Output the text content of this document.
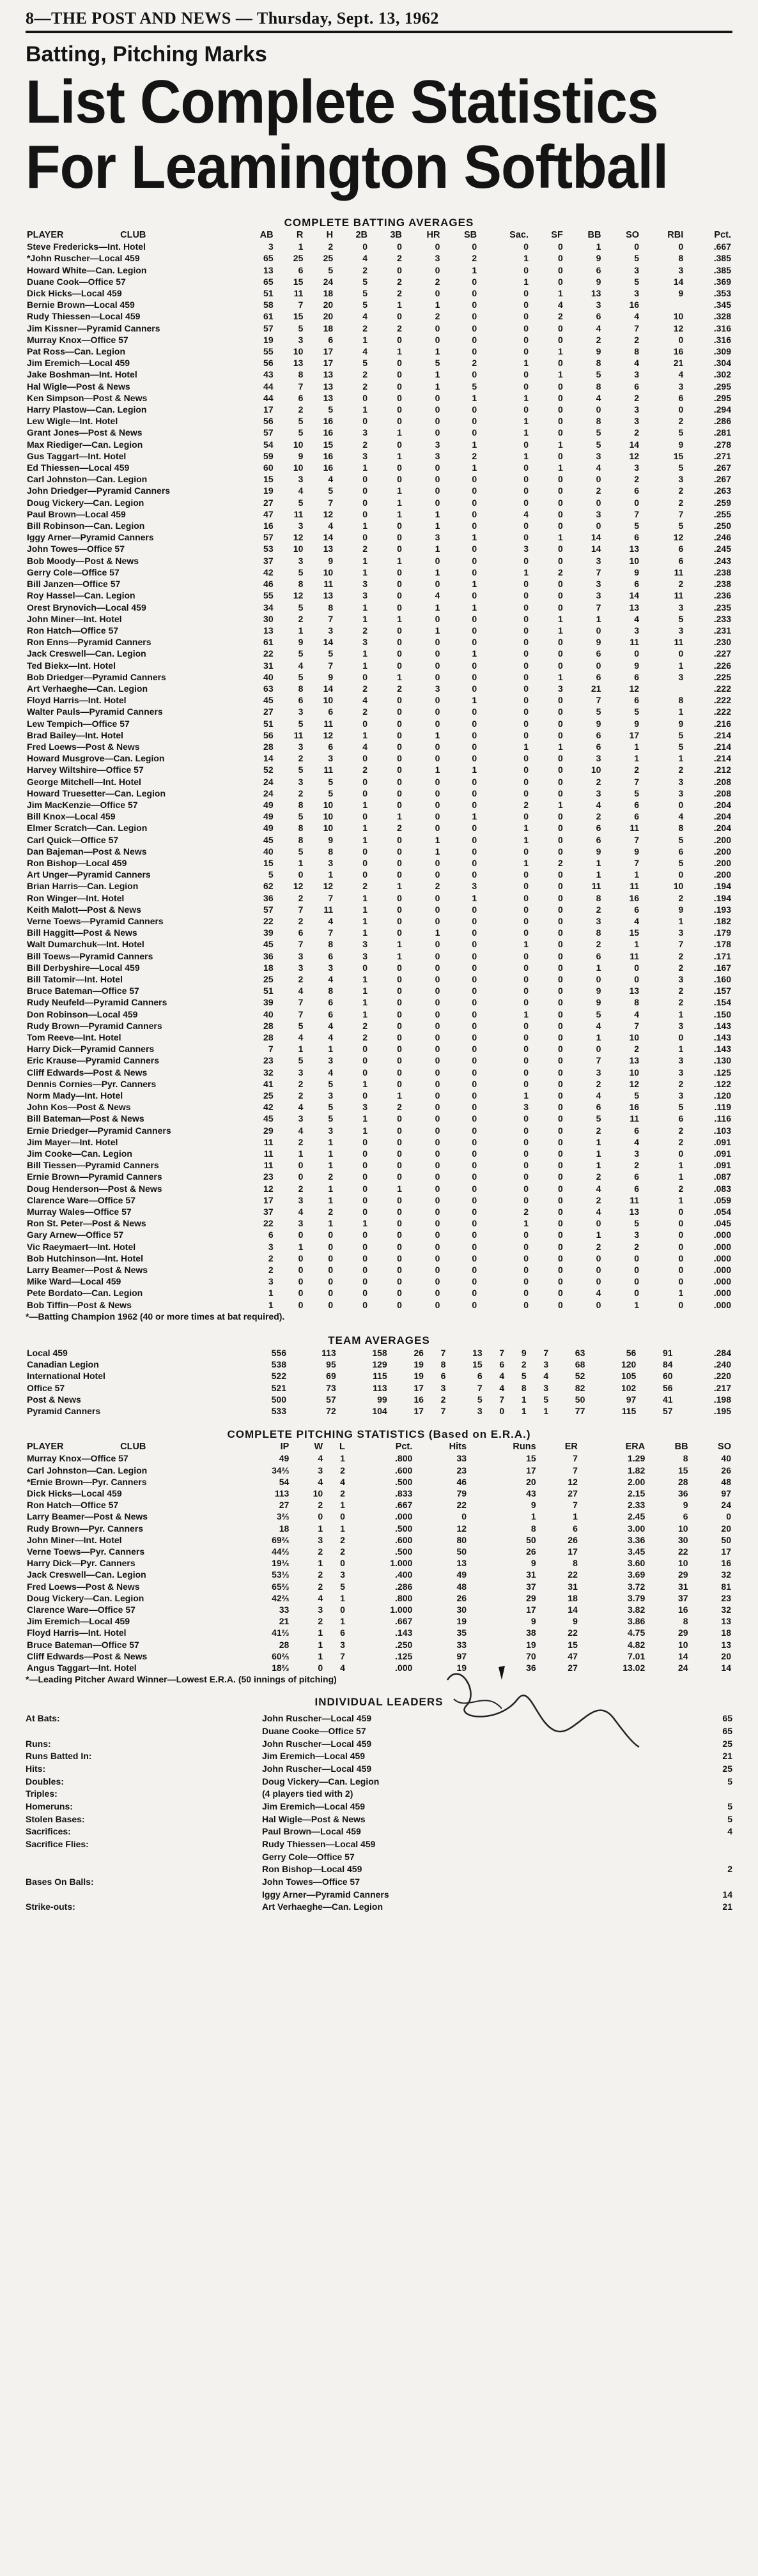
8—THE POST AND NEWS — Thursday, Sept. 13, 1962
Batting, Pitching Marks
List Complete Statistics
For Leamington Softball
COMPLETE BATTING AVERAGES
PLAYER                      CLUB	AB	R	H	2B	3B	HR	SB	Sac.	SF	BB	SO	RBI	Pct.
Steve Fredericks—Int. Hotel	3	1	2	0	0	0	0	0	0	1	0	0	.667
*John Ruscher—Local 459	65	25	25	4	2	3	2	1	0	9	5	8	.385
Howard White—Can. Legion	13	6	5	2	0	0	1	0	0	6	3	3	.385
Duane Cook—Office 57	65	15	24	5	2	2	0	1	0	9	5	14	.369
Dick Hicks—Local 459	51	11	18	5	2	0	0	0	1	13	3	9	.353
Bernie Brown—Local 459	58	7	20	5	1	1	0	0	4	3	16		.345
Rudy Thiessen—Local 459	61	15	20	4	0	2	0	0	2	6	4	10	.328
Jim Kissner—Pyramid Canners	57	5	18	2	2	0	0	0	0	4	7	12	.316
Murray Knox—Office 57	19	3	6	1	0	0	0	0	0	2	2	0	.316
Pat Ross—Can. Legion	55	10	17	4	1	1	0	0	1	9	8	16	.309
Jim Eremich—Local 459	56	13	17	5	0	5	2	1	0	8	4	21	.304
Jake Boshman—Int. Hotel	43	8	13	2	0	1	0	0	1	5	3	4	.302
Hal Wigle—Post & News	44	7	13	2	0	1	5	0	0	8	6	3	.295
Ken Simpson—Post & News	44	6	13	0	0	0	1	1	0	4	2	6	.295
Harry Plastow—Can. Legion	17	2	5	1	0	0	0	0	0	0	3	0	.294
Lew Wigle—Int. Hotel	56	5	16	0	0	0	0	1	0	8	3	2	.286
Grant Jones—Post & News	57	5	16	3	1	0	0	1	0	5	2	5	.281
Max Riediger—Can. Legion	54	10	15	2	0	3	1	0	1	5	14	9	.278
Gus Taggart—Int. Hotel	59	9	16	3	1	3	2	1	0	3	12	15	.271
Ed Thiessen—Local 459	60	10	16	1	0	0	1	0	1	4	3	5	.267
Carl Johnston—Can. Legion	15	3	4	0	0	0	0	0	0	0	2	3	.267
John Driedger—Pyramid Canners	19	4	5	0	1	0	0	0	0	2	6	2	.263
Doug Vickery—Can. Legion	27	5	7	0	1	0	0	0	0	0	0	2	.259
Paul Brown—Local 459	47	11	12	0	1	1	0	4	0	3	7	7	.255
Bill Robinson—Can. Legion	16	3	4	1	0	1	0	0	0	0	5	5	.250
Iggy Arner—Pyramid Canners	57	12	14	0	0	3	1	0	1	14	6	12	.246
John Towes—Office 57	53	10	13	2	0	1	0	3	0	14	13	6	.245
Bob Moody—Post & News	37	3	9	1	1	0	0	0	0	3	10	6	.243
Gerry Cole—Office 57	42	5	10	1	0	1	0	1	2	7	9	11	.238
Bill Janzen—Office 57	46	8	11	3	0	0	1	0	0	3	6	2	.238
Roy Hassel—Can. Legion	55	12	13	3	0	4	0	0	0	3	14	11	.236
Orest Brynovich—Local 459	34	5	8	1	0	1	1	0	0	7	13	3	.235
John Miner—Int. Hotel	30	2	7	1	1	0	0	0	1	1	4	5	.233
Ron Hatch—Office 57	13	1	3	2	0	1	0	0	1	0	3	3	.231
Ron Enns—Pyramid Canners	61	9	14	3	0	0	0	0	0	9	11	11	.230
Jack Creswell—Can. Legion	22	5	5	1	0	0	1	0	0	6	0	0	.227
Ted Biekx—Int. Hotel	31	4	7	1	0	0	0	0	0	0	9	1	.226
Bob Driedger—Pyramid Canners	40	5	9	0	1	0	0	0	1	6	6	3	.225
Art Verhaeghe—Can. Legion	63	8	14	2	2	3	0	0	3	21	12		.222
Floyd Harris—Int. Hotel	45	6	10	4	0	0	1	0	0	7	6	8	.222
Walter Pauls—Pyramid Canners	27	3	6	2	0	0	0	0	0	5	5	1	.222
Lew Tempich—Office 57	51	5	11	0	0	0	0	0	0	9	9	9	.216
Brad Bailey—Int. Hotel	56	11	12	1	0	1	0	0	0	6	17	5	.214
Fred Loews—Post & News	28	3	6	4	0	0	0	1	1	6	1	5	.214
Howard Musgrove—Can. Legion	14	2	3	0	0	0	0	0	0	3	1	1	.214
Harvey Wiltshire—Office 57	52	5	11	2	0	1	1	0	0	10	2	2	.212
George Mitchell—Int. Hotel	24	3	5	0	0	0	0	0	0	2	7	3	.208
Howard Truesetter—Can. Legion	24	2	5	0	0	0	0	0	0	3	5	3	.208
Jim MacKenzie—Office 57	49	8	10	1	0	0	0	2	1	4	6	0	.204
Bill Knox—Local 459	49	5	10	0	1	0	1	0	0	2	6	4	.204
Elmer Scratch—Can. Legion	49	8	10	1	2	0	0	1	0	6	11	8	.204
Carl Quick—Office 57	45	8	9	1	0	1	0	1	0	6	7	5	.200
Dan Bajeman—Post & News	40	5	8	0	0	1	0	0	0	9	9	6	.200
Ron Bishop—Local 459	15	1	3	0	0	0	0	1	2	1	7	5	.200
Art Unger—Pyramid Canners	5	0	1	0	0	0	0	0	0	1	1	0	.200
Brian Harris—Can. Legion	62	12	12	2	1	2	3	0	0	11	11	10	.194
Ron Winger—Int. Hotel	36	2	7	1	0	0	1	0	0	8	16	2	.194
Keith Malott—Post & News	57	7	11	1	0	0	0	0	0	2	6	9	.193
Verne Toews—Pyramid Canners	22	2	4	1	0	0	0	0	0	3	4	1	.182
Bill Haggitt—Post & News	39	6	7	1	0	1	0	0	0	8	15	3	.179
Walt Dumarchuk—Int. Hotel	45	7	8	3	1	0	0	1	0	2	1	7	.178
Bill Toews—Pyramid Canners	36	3	6	3	1	0	0	0	0	6	11	2	.171
Bill Derbyshire—Local 459	18	3	3	0	0	0	0	0	0	1	0	2	.167
Bill Tatomir—Int. Hotel	25	2	4	1	0	0	0	0	0	0	0	3	.160
Bruce Bateman—Office 57	51	4	8	1	0	0	0	0	0	9	13	2	.157
Rudy Neufeld—Pyramid Canners	39	7	6	1	0	0	0	0	0	9	8	2	.154
Don Robinson—Local 459	40	7	6	1	0	0	0	1	0	5	4	1	.150
Rudy Brown—Pyramid Canners	28	5	4	2	0	0	0	0	0	4	7	3	.143
Tom Reeve—Int. Hotel	28	4	4	2	0	0	0	0	0	1	10	0	.143
Harry Dick—Pyramid Canners	7	1	1	0	0	0	0	0	0	0	2	1	.143
Eric Krause—Pyramid Canners	23	5	3	0	0	0	0	0	0	7	13	3	.130
Cliff Edwards—Post & News	32	3	4	0	0	0	0	0	0	3	10	3	.125
Dennis Cornies—Pyr. Canners	41	2	5	1	0	0	0	0	0	2	12	2	.122
Norm Mady—Int. Hotel	25	2	3	0	1	0	0	1	0	4	5	3	.120
John Kos—Post & News	42	4	5	3	2	0	0	3	0	6	16	5	.119
Bill Bateman—Post & News	45	3	5	1	0	0	0	0	0	5	11	6	.116
Ernie Driedger—Pyramid Canners	29	4	3	1	0	0	0	0	0	2	6	2	.103
Jim Mayer—Int. Hotel	11	2	1	0	0	0	0	0	0	1	4	2	.091
Jim Cooke—Can. Legion	11	1	1	0	0	0	0	0	0	1	3	0	.091
Bill Tiessen—Pyramid Canners	11	0	1	0	0	0	0	0	0	1	2	1	.091
Ernie Brown—Pyramid Canners	23	0	2	0	0	0	0	0	0	2	6	1	.087
Doug Henderson—Post & News	12	2	1	0	1	0	0	0	0	4	6	2	.083
Clarence Ware—Office 57	17	3	1	0	0	0	0	0	0	2	11	1	.059
Murray Wales—Office 57	37	4	2	0	0	0	0	2	0	4	13	0	.054
Ron St. Peter—Post & News	22	3	1	1	0	0	0	1	0	0	5	0	.045
Gary Arnew—Office 57	6	0	0	0	0	0	0	0	0	1	3	0	.000
Vic Raeymaert—Int. Hotel	3	1	0	0	0	0	0	0	0	2	2	0	.000
Bob Hutchinson—Int. Hotel	2	0	0	0	0	0	0	0	0	0	0	0	.000
Larry Beamer—Post & News	2	0	0	0	0	0	0	0	0	0	0	0	.000
Mike Ward—Local 459	3	0	0	0	0	0	0	0	0	0	0	0	.000
Pete Bordato—Can. Legion	1	0	0	0	0	0	0	0	0	4	0	1	.000
Bob Tiffin—Post & News	1	0	0	0	0	0	0	0	0	0	1	0	.000
*—Batting Champion 1962 (40 or more times at bat required).
TEAM AVERAGES
Local 459	556	113	158	26	7	13	7	9	7	63	56	91	.284
Canadian Legion	538	95	129	19	8	15	6	2	3	68	120	84	.240
International Hotel	522	69	115	19	6	6	4	5	4	52	105	60	.220
Office 57	521	73	113	17	3	7	4	8	3	82	102	56	.217
Post & News	500	57	99	16	2	5	7	1	5	50	97	41	.198
Pyramid Canners	533	72	104	17	7	3	0	1	1	77	115	57	.195
COMPLETE PITCHING STATISTICS (Based on E.R.A.)
PLAYER                      CLUB	IP	W	L	Pct.	Hits	Runs	ER	ERA	BB	SO
Murray Knox—Office 57	49	4	1	.800	33	15	7	1.29	8	40
Carl Johnston—Can. Legion	34⅔	3	2	.600	23	17	7	1.82	15	26
*Ernie Brown—Pyr. Canners	54	4	4	.500	46	20	12	2.00	28	48
Dick Hicks—Local 459	113	10	2	.833	79	43	27	2.15	36	97
Ron Hatch—Office 57	27	2	1	.667	22	9	7	2.33	9	24
Larry Beamer—Post & News	3⅔	0	0	.000	0	1	1	2.45	6	0
Rudy Brown—Pyr. Canners	18	1	1	.500	12	8	6	3.00	10	20
John Miner—Int. Hotel	69⅔	3	2	.600	80	50	26	3.36	30	50
Verne Toews—Pyr. Canners	44⅔	2	2	.500	50	26	17	3.45	22	17
Harry Dick—Pyr. Canners	19⅓	1	0	1.000	13	9	8	3.60	10	16
Jack Creswell—Can. Legion	53⅓	2	3	.400	49	31	22	3.69	29	32
Fred Loews—Post & News	65⅔	2	5	.286	48	37	31	3.72	31	81
Doug Vickery—Can. Legion	42⅔	4	1	.800	26	29	18	3.79	37	23
Clarence Ware—Office 57	33	3	0	1.000	30	17	14	3.82	16	32
Jim Eremich—Local 459	21	2	1	.667	19	9	9	3.86	8	13
Floyd Harris—Int. Hotel	41⅔	1	6	.143	35	38	22	4.75	29	18
Bruce Bateman—Office 57	28	1	3	.250	33	19	15	4.82	10	13
Cliff Edwards—Post & News	60⅔	1	7	.125	97	70	47	7.01	14	20
Angus Taggart—Int. Hotel	18⅔	0	4	.000	19	36	27	13.02	24	14
*—Leading Pitcher Award Winner—Lowest E.R.A. (50 innings of pitching)
INDIVIDUAL LEADERS
At Bats:	John Ruscher—Local 459	65
Duane Cooke—Office 57	65
Runs:	John Ruscher—Local 459	25
Runs Batted In:	Jim Eremich—Local 459	21
Hits:	John Ruscher—Local 459	25
Doubles:	Doug Vickery—Can. Legion	5
Triples:	(4 players tied with 2)
Homeruns:	Jim Eremich—Local 459	5
Stolen Bases:	Hal Wigle—Post & News	5
Sacrifices:	Paul Brown—Local 459	4
Sacrifice Flies:	Rudy Thiessen—Local 459
Gerry Cole—Office 57
Ron Bishop—Local 459	2
Bases On Balls:	John Towes—Office 57
Iggy Arner—Pyramid Canners	14
Strike-outs:	Art Verhaeghe—Can. Legion	21
